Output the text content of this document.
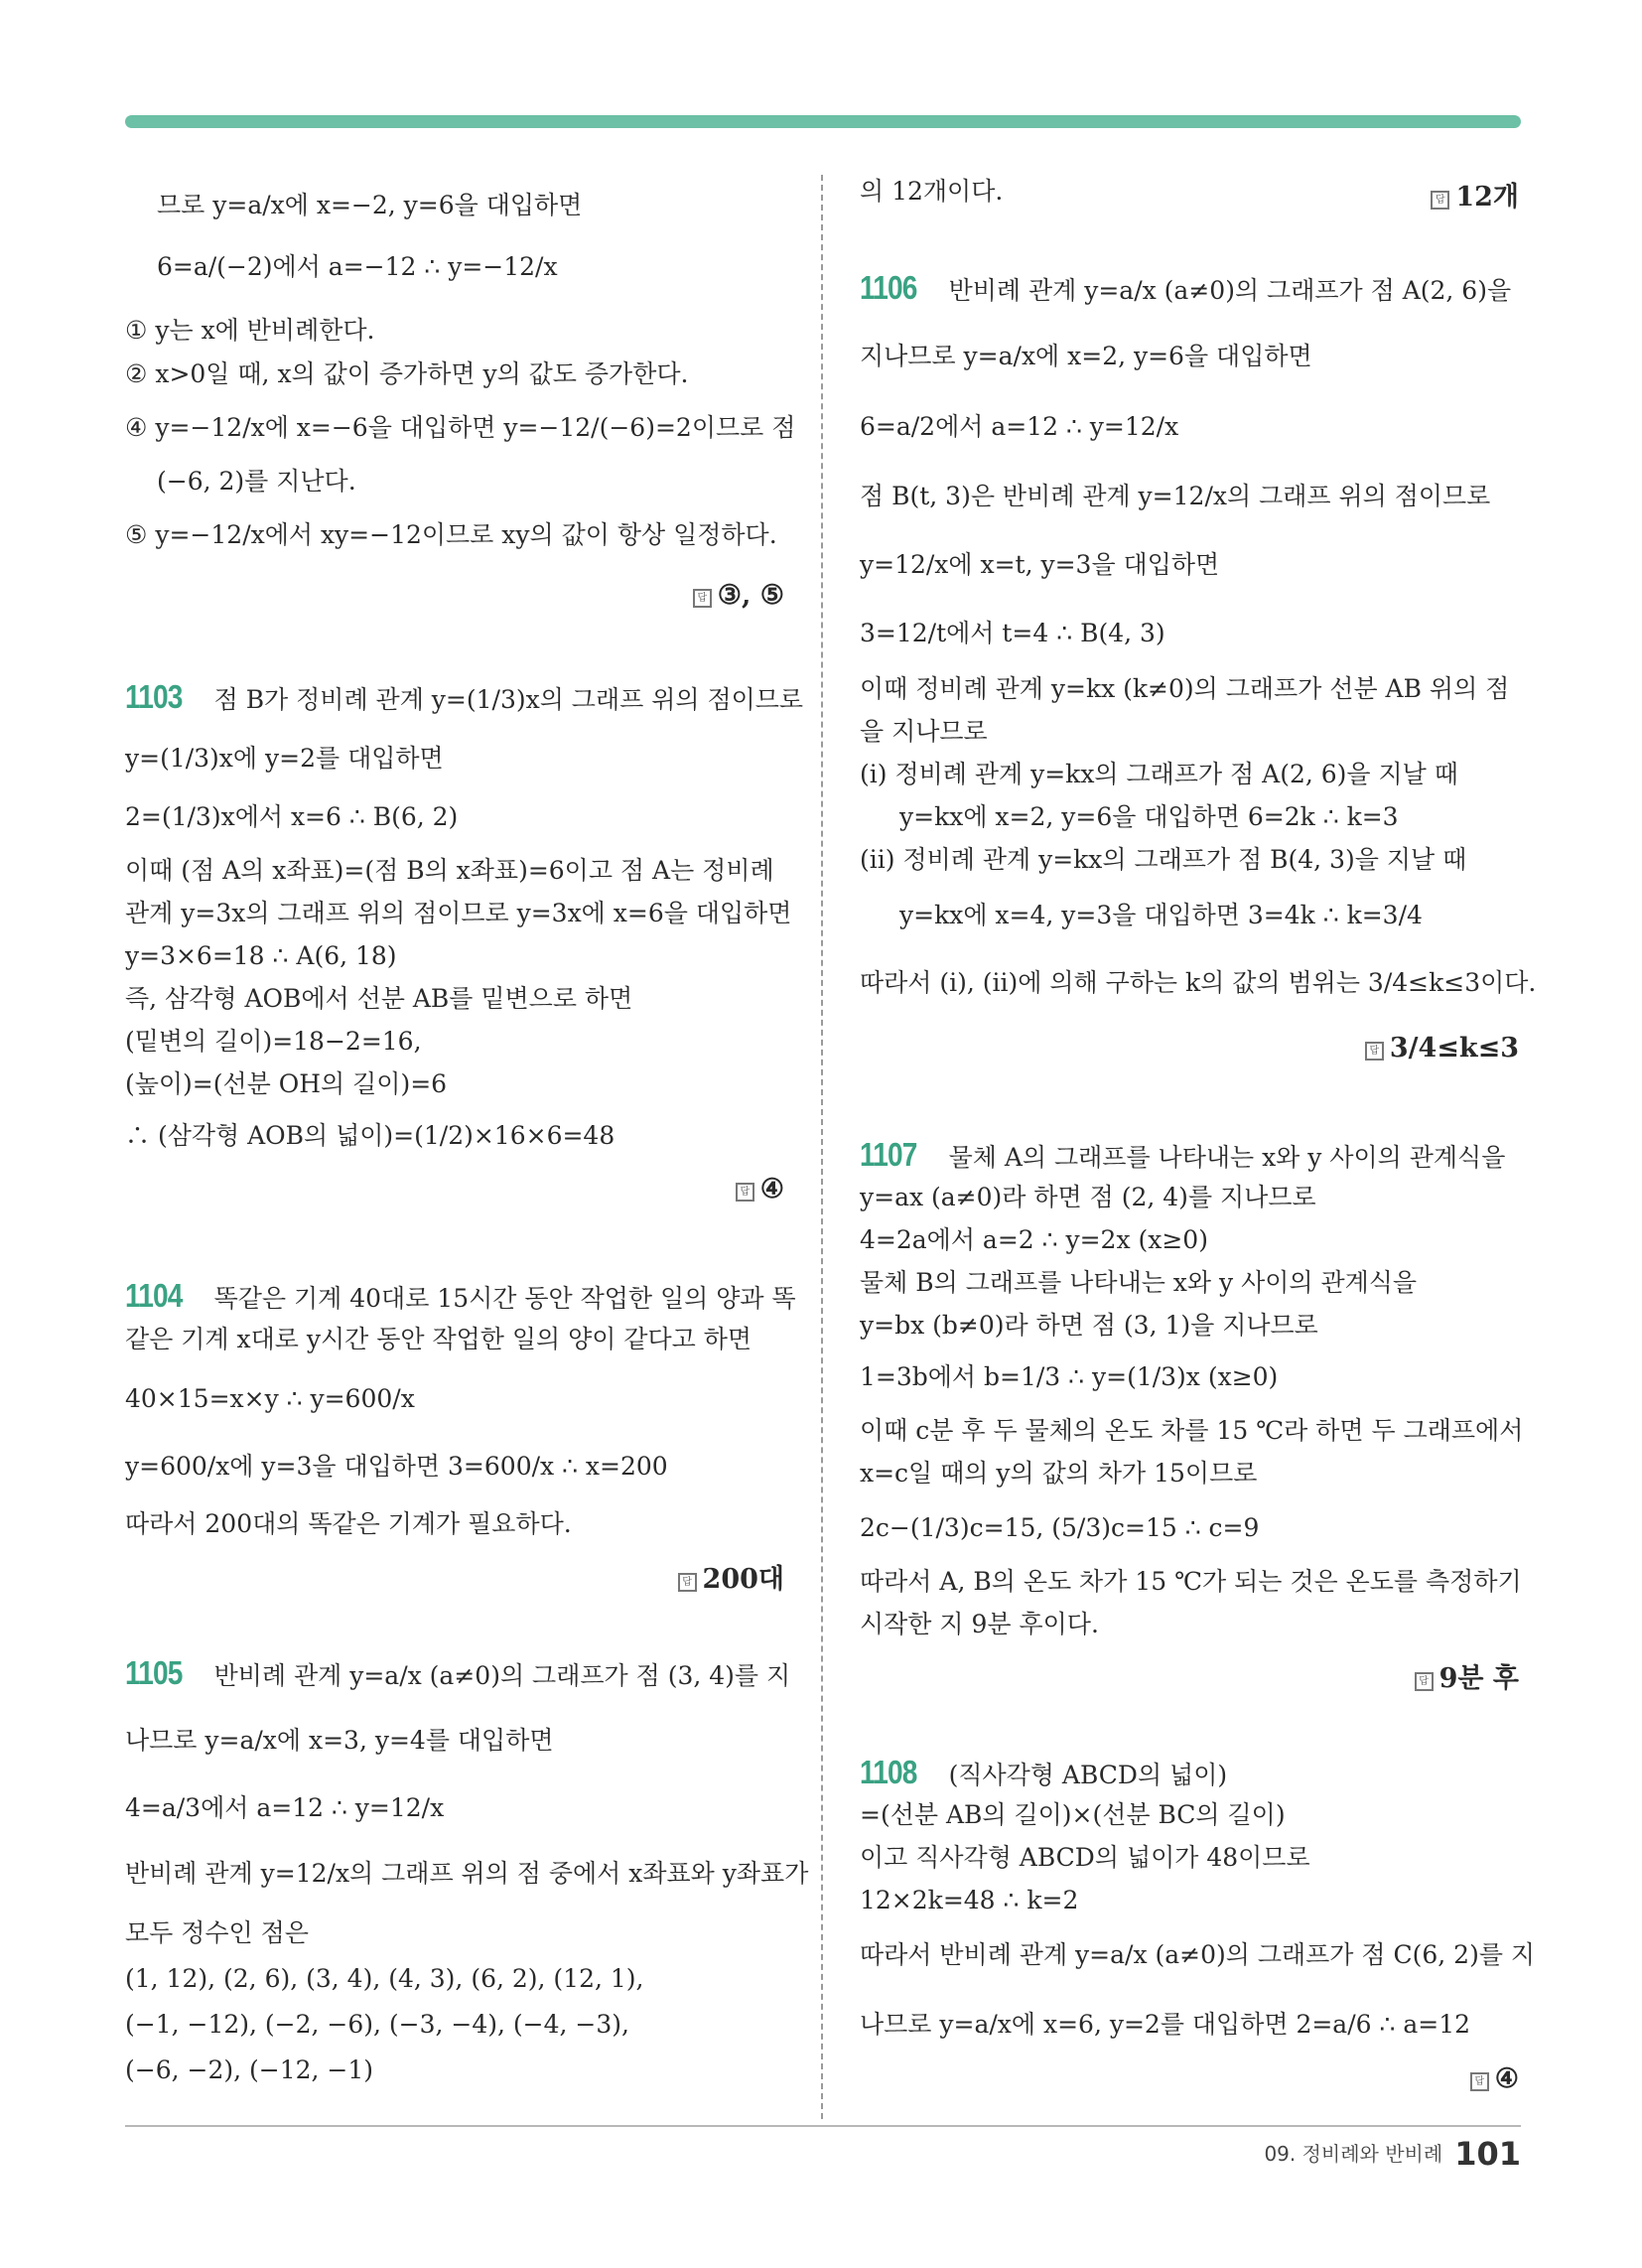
므로 y=a/x에 x=−2, y=6을 대입하면
6=a/(−2)에서 a=−12 ∴ y=−12/x
① y는 x에 반비례한다.
② x>0일 때, x의 값이 증가하면 y의 값도 증가한다.
④ y=−12/x에 x=−6을 대입하면 y=−12/(−6)=2이므로 점
(−6, 2)를 지난다.
⑤ y=−12/x에서 xy=−12이므로 xy의 값이 항상 일정하다.
답 ③, ⑤
1103 점 B가 정비례 관계 y=(1/3)x의 그래프 위의 점이므로
y=(1/3)x에 y=2를 대입하면
2=(1/3)x에서 x=6 ∴ B(6, 2)
이때 (점 A의 x좌표)=(점 B의 x좌표)=6이고 점 A는 정비례
관계 y=3x의 그래프 위의 점이므로 y=3x에 x=6을 대입하면
y=3×6=18 ∴ A(6, 18)
즉, 삼각형 AOB에서 선분 AB를 밑변으로 하면
(밑변의 길이)=18−2=16,
(높이)=(선분 OH의 길이)=6
∴ (삼각형 AOB의 넓이)=(1/2)×16×6=48
답 ④
1104 똑같은 기계 40대로 15시간 동안 작업한 일의 양과 똑
같은 기계 x대로 y시간 동안 작업한 일의 양이 같다고 하면
40×15=x×y ∴ y=600/x
y=600/x에 y=3을 대입하면 3=600/x ∴ x=200
따라서 200대의 똑같은 기계가 필요하다.
답 200대
1105 반비례 관계 y=a/x (a≠0)의 그래프가 점 (3, 4)를 지
나므로 y=a/x에 x=3, y=4를 대입하면
4=a/3에서 a=12 ∴ y=12/x
반비례 관계 y=12/x의 그래프 위의 점 중에서 x좌표와 y좌표가
모두 정수인 점은
(1, 12), (2, 6), (3, 4), (4, 3), (6, 2), (12, 1),
(−1, −12), (−2, −6), (−3, −4), (−4, −3),
(−6, −2), (−12, −1)
의 12개이다.	답 12개
1106 반비례 관계 y=a/x (a≠0)의 그래프가 점 A(2, 6)을
지나므로 y=a/x에 x=2, y=6을 대입하면
6=a/2에서 a=12 ∴ y=12/x
점 B(t, 3)은 반비례 관계 y=12/x의 그래프 위의 점이므로
y=12/x에 x=t, y=3을 대입하면
3=12/t에서 t=4 ∴ B(4, 3)
이때 정비례 관계 y=kx (k≠0)의 그래프가 선분 AB 위의 점
을 지나므로
(i) 정비례 관계 y=kx의 그래프가 점 A(2, 6)을 지날 때
y=kx에 x=2, y=6을 대입하면 6=2k ∴ k=3
(ii) 정비례 관계 y=kx의 그래프가 점 B(4, 3)을 지날 때
y=kx에 x=4, y=3을 대입하면 3=4k ∴ k=3/4
따라서 (i), (ii)에 의해 구하는 k의 값의 범위는 3/4≤k≤3이다.
답 3/4≤k≤3
1107 물체 A의 그래프를 나타내는 x와 y 사이의 관계식을
y=ax (a≠0)라 하면 점 (2, 4)를 지나므로
4=2a에서 a=2 ∴ y=2x (x≥0)
물체 B의 그래프를 나타내는 x와 y 사이의 관계식을
y=bx (b≠0)라 하면 점 (3, 1)을 지나므로
1=3b에서 b=1/3 ∴ y=(1/3)x (x≥0)
이때 c분 후 두 물체의 온도 차를 15 ℃라 하면 두 그래프에서
x=c일 때의 y의 값의 차가 15이므로
2c−(1/3)c=15, (5/3)c=15 ∴ c=9
따라서 A, B의 온도 차가 15 ℃가 되는 것은 온도를 측정하기
시작한 지 9분 후이다.
답 9분 후
1108 (직사각형 ABCD의 넓이)
=(선분 AB의 길이)×(선분 BC의 길이)
이고 직사각형 ABCD의 넓이가 48이므로
12×2k=48 ∴ k=2
따라서 반비례 관계 y=a/x (a≠0)의 그래프가 점 C(6, 2)를 지
나므로 y=a/x에 x=6, y=2를 대입하면 2=a/6 ∴ a=12
답 ④
09. 정비례와 반비례 101
